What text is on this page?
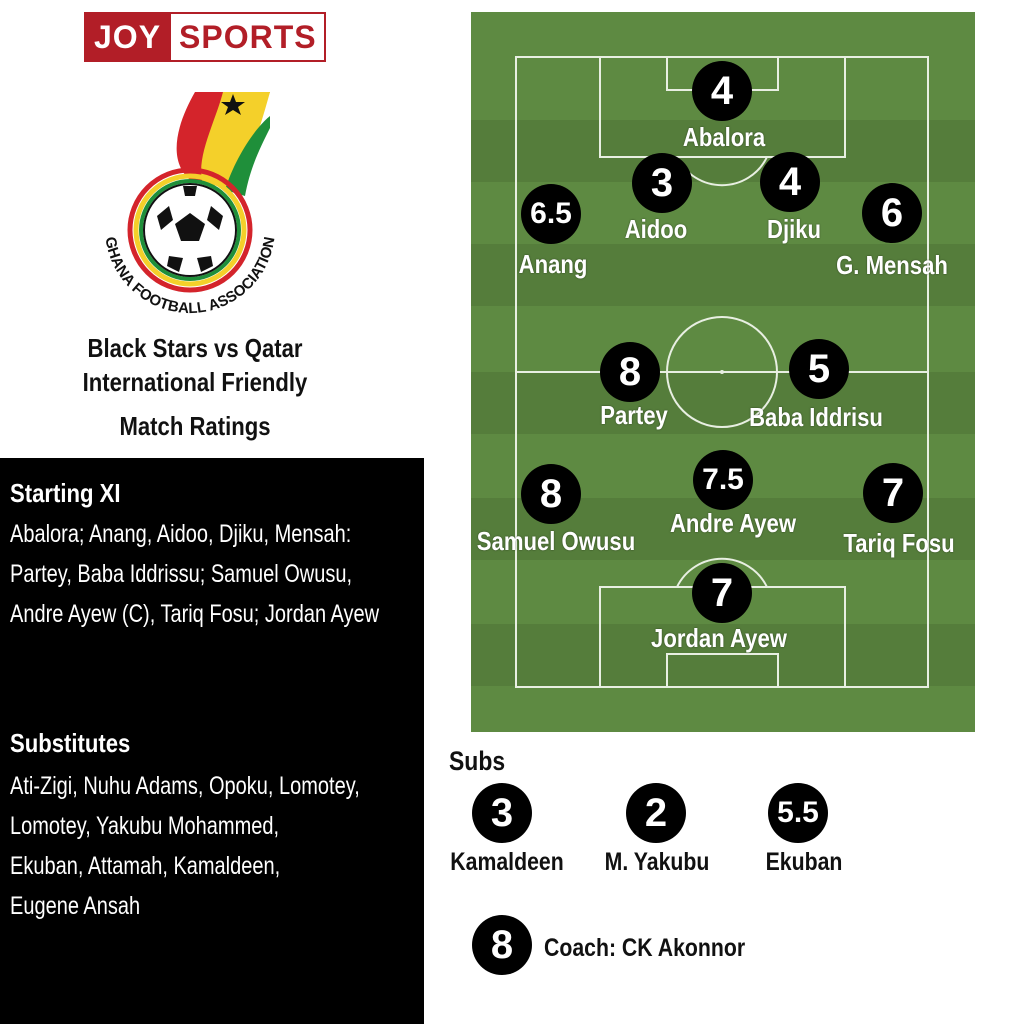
JOY SPORTS
GHANA FOOTBALL ASSOCIATION
Black Stars vs Qatar
International Friendly
Match Ratings
Starting XI
Abalora; Anang, Aidoo, Djiku, Mensah:
Partey, Baba Iddrissu; Samuel Owusu,
Andre Ayew (C), Tariq Fosu; Jordan Ayew
Substitutes
Ati-Zigi, Nuhu Adams, Opoku, Lomotey,
Lomotey, Yakubu Mohammed,
Ekuban, Attamah, Kamaldeen,
Eugene Ansah
4
Abalora
3
Aidoo
4
Djiku
6.5
Anang
6
G. Mensah
8
Partey
5
Baba Iddrisu
8
Samuel Owusu
7.5
Andre Ayew
7
Tariq Fosu
7
Jordan Ayew
Subs
3
Kamaldeen
2
M. Yakubu
5.5
Ekuban
8	Coach: CK Akonnor
